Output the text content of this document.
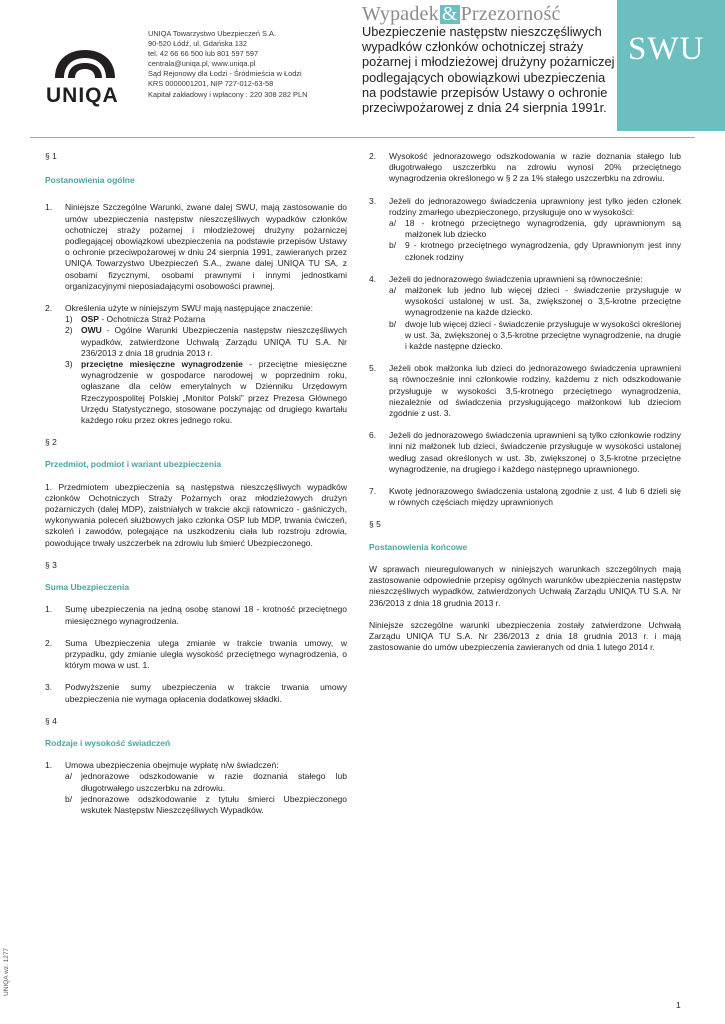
UNIQA
UNIQA Towarzystwo Ubezpieczeń S.A.
90-520 Łódź, ul. Gdańska 132
tel. 42 66 66 500 lub 801 597 597
centrala@uniqa.pl, www.uniqa.pl
Sąd Rejonowy dla Łodzi - Śródmieścia w Łodzi
KRS 0000001201, NIP 727-012-63-58
Kapitał zakładowy i wpłacony : 220 308 282 PLN
Wypadek & Przezorność
Ubezpieczenie następstw nieszczęśliwych wypadków członków ochotniczej straży pożarnej i młodzieżowej drużyny pożarniczej podlegających obowiązkowi ubezpieczenia na podstawie przepisów Ustawy o ochronie przeciwpożarowej z dnia 24 sierpnia 1991r.
SWU

§ 1

Postanowienia ogólne

1.	Niniejsze Szczególne Warunki, zwane dalej SWU, mają zastosowanie do umów ubezpieczenia następstw nieszczęśliwych wypadków członków ochotniczej straży pożarnej i młodzieżowej drużyny pożarniczej podlegającej obowiązkowi ubezpieczenia na podstawie przepisów Ustawy o ochronie przeciwpożarowej w dniu 24 sierpnia 1991, zawieranych przez UNIQA Towarzystwo Ubezpieczeń S.A., zwane dalej UNIQA TU SA, z osobami fizycznymi, osobami prawnymi i innymi jednostkami organizacyjnymi nieposiadającymi osobowości prawnej.
2.	Określenia użyte w niniejszym SWU mają następujące znaczenie:
1) OSP - Ochotnicza Straż Pożarna
2) OWU - Ogólne Warunki Ubezpieczenia następstw nieszczęśliwych wypadków, zatwierdzone Uchwałą Zarządu UNIQA TU S.A. Nr 236/2013 z dnia 18 grudnia 2013 r.
3) przeciętne miesięczne wynagrodzenie - przeciętne miesięczne wynagrodzenie w gospodarce narodowej w poprzednim roku, ogłaszane dla celów emerytalnych w Dzienniku Urzędowym Rzeczypospolitej Polskiej „Monitor Polski” przez Prezesa Głównego Urzędu Statystycznego, stosowane poczynając od drugiego kwartału każdego roku przez okres jednego roku.

§ 2

Przedmiot, podmiot i wariant ubezpieczenia

1. Przedmiotem ubezpieczenia są następstwa nieszczęśliwych wypadków członków Ochotniczych Straży Pożarnych oraz młodzieżowych drużyn pożarniczych (dalej MDP), zaistniałych w trakcie akcji ratowniczo - gaśniczych, wykonywania poleceń służbowych jako członka OSP lub MDP, trwania ćwiczeń, szkoleń i zawodów, polegające na uszkodzeniu ciała lub rozstroju zdrowia, powodujące trwały uszczerbek na zdrowiu lub śmierć Ubezpieczonego.

§ 3

Suma Ubezpieczenia

1.	Sumę ubezpieczenia na jedną osobę stanowi 18 - krotność przeciętnego miesięcznego wynagrodzenia.
2.	Suma Ubezpieczenia ulega zmianie w trakcie trwania umowy, w przypadku, gdy zmianie uległa wysokość przeciętnego wynagrodzenia, o którym mowa w ust. 1.
3.	Podwyższenie sumy ubezpieczenia w trakcie trwania umowy ubezpieczenia nie wymaga opłacenia dodatkowej składki.

§ 4

Rodzaje i wysokość świadczeń

1.	Umowa ubezpieczenia obejmuje wypłatę n/w świadczeń:
a/	jednorazowe odszkodowanie w razie doznania stałego lub długotrwałego uszczerbku na zdrowiu.
b/	jednorazowe odszkodowanie z tytułu śmierci Ubezpieczonego wskutek Następstw Nieszczęśliwych Wypadków.
2.	Wysokość jednorazowego odszkodowania w razie doznania stałego lub długotrwałego uszczerbku na zdrowiu wynosi 20% przeciętnego wynagrodzenia określonego w § 2 za 1% stałego uszczerbku na zdrowiu.
3.	Jeżeli do jednorazowego świadczenia uprawniony jest tylko jeden członek rodziny zmarłego ubezpieczonego, przysługuje ono w wysokości:
a/	18 - krotnego przeciętnego wynagrodzenia, gdy uprawnionym są małżonek lub dziecko
b/	9 - krotnego przeciętnego wynagrodzenia, gdy Uprawnionym jest inny członek rodziny
4.	Jeżeli do jednorazowego świadczenia uprawnieni są równocześnie:
a/	małżonek lub jedno lub więcej dzieci - świadczenie przysługuje w wysokości ustalonej w ust. 3a, zwiększonej o 3,5-krotne przeciętne wynagrodzenie na każde dziecko.
b/	dwoje lub więcej dzieci - świadczenie przysługuje w wysokości określonej w ust. 3a, zwiększonej o 3,5-krotne przeciętne wynagrodzenie, na drugie i każde następne dziecko.
5.	Jeżeli obok małżonka lub dzieci do jednorazowego świadczenia uprawnieni są równocześnie inni członkowie rodziny, każdemu z nich odszkodowanie przysługuje w wysokości 3,5-krotnego przeciętnego wynagrodzenia, niezależnie od świadczenia przysługującego małżonkowi lub dzieciom zgodnie z ust. 3.
6.	Jeżeli do jednorazowego świadczenia uprawnieni są tylko członkowie rodziny inni niż małżonek lub dzieci, świadczenie przysługuje w wysokości ustalonej według zasad określonych w ust. 3b, zwiększonej o 3,5-krotne przeciętne wynagrodzenie, na drugiego i każdego następnego uprawnionego.
7.	Kwotę jednorazowego świadczenia ustaloną zgodnie z ust. 4 lub 6 dzieli się w równych częściach między uprawnionych

§ 5

Postanowienia końcowe

W sprawach nieuregulowanych w niniejszych warunkach szczególnych mają zastosowanie odpowiednie przepisy ogólnych warunków ubezpieczenia następstw nieszczęśliwych wypadków, zatwierdzonych Uchwałą Zarządu UNIQA TU S.A. Nr 236/2013 z dnia 18 grudnia 2013 r.
Niniejsze szczególne warunki ubezpieczenia zostały zatwierdzone Uchwałą Zarządu UNIQA TU S.A. Nr 236/2013 z dnia 18 grudnia 2013 r. i mają zastosowanie do umów ubezpieczenia zawieranych od dnia 1 lutego 2014 r.
UNIQA wz. 1277
1
